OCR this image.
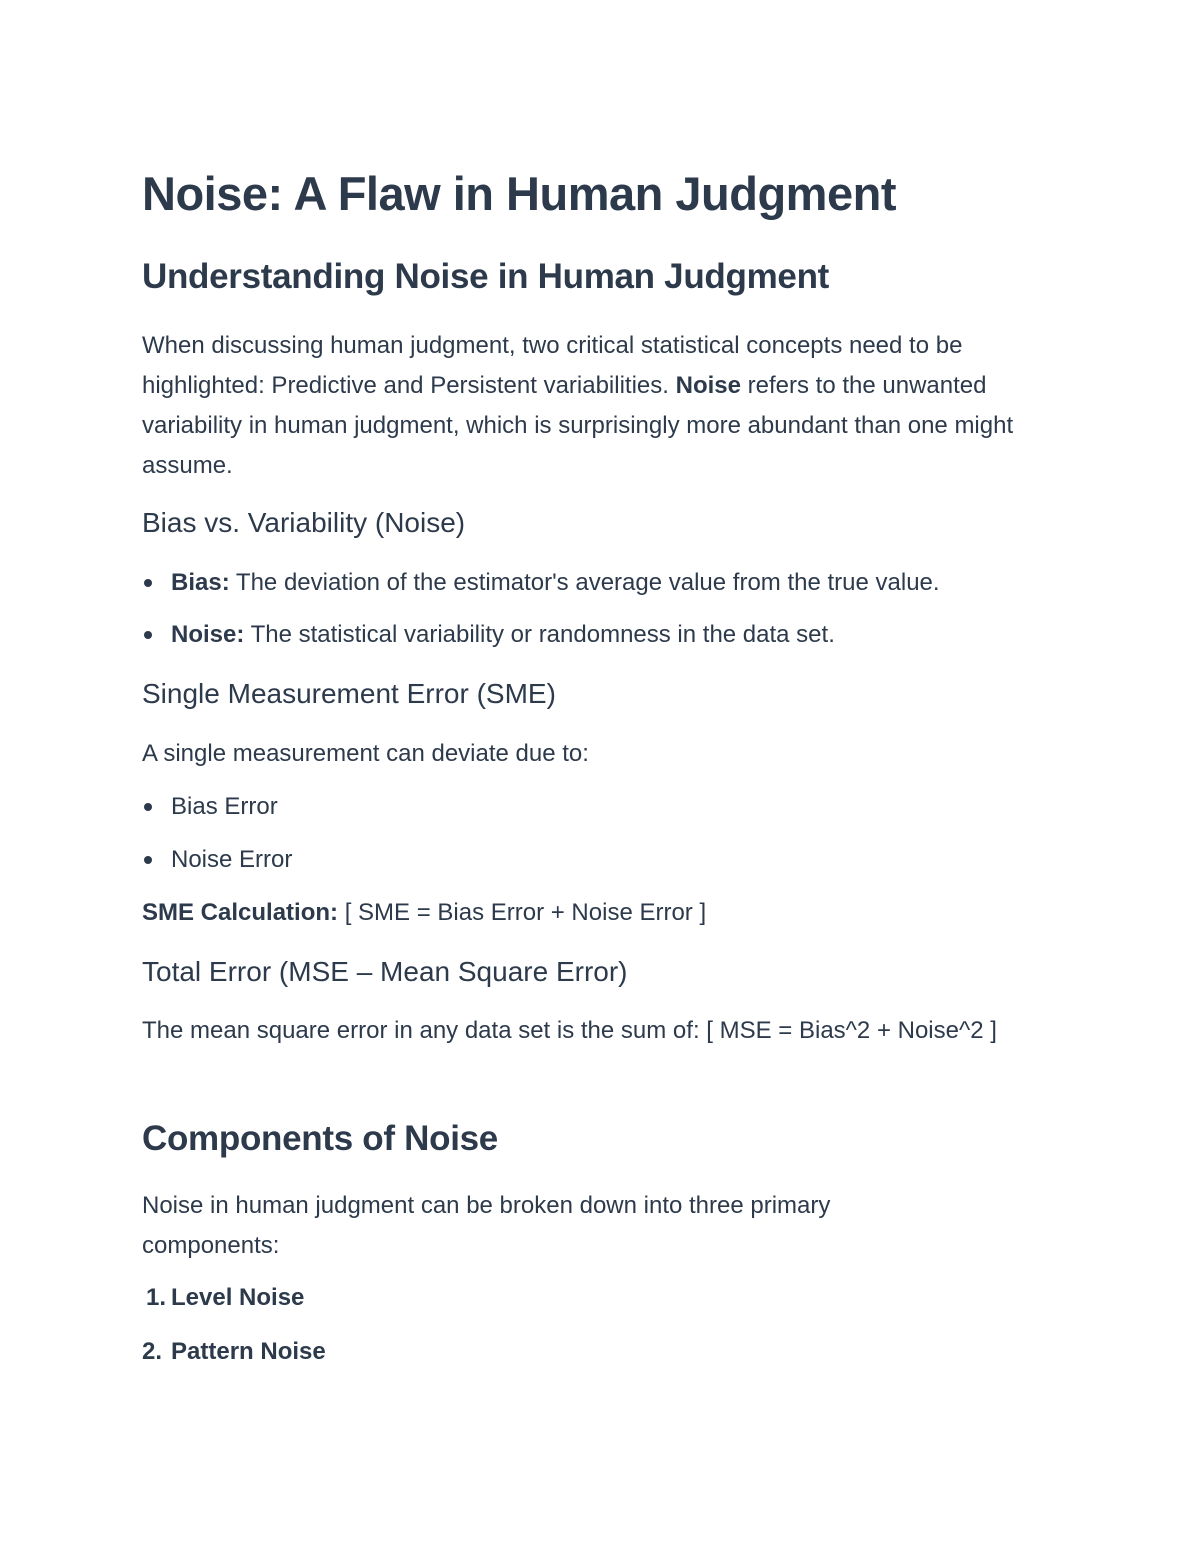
Noise: A Flaw in Human Judgment
Understanding Noise in Human Judgment

When discussing human judgment, two critical statistical concepts need to be highlighted: Predictive and Persistent variabilities. Noise refers to the unwanted variability in human judgment, which is surprisingly more abundant than one might assume.

Bias vs. Variability (Noise)
Bias: The deviation of the estimator's average value from the true value.
Noise: The statistical variability or randomness in the data set.
Single Measurement Error (SME)

A single measurement can deviate due to:

Bias Error
Noise Error

SME Calculation: [ SME = Bias Error + Noise Error ]

Total Error (MSE – Mean Square Error)

The mean square error in any data set is the sum of: [ MSE = Bias^2 + Noise^2 ]

Components of Noise

Noise in human judgment can be broken down into three primary components:

1. Level Noise
2. Pattern Noise
